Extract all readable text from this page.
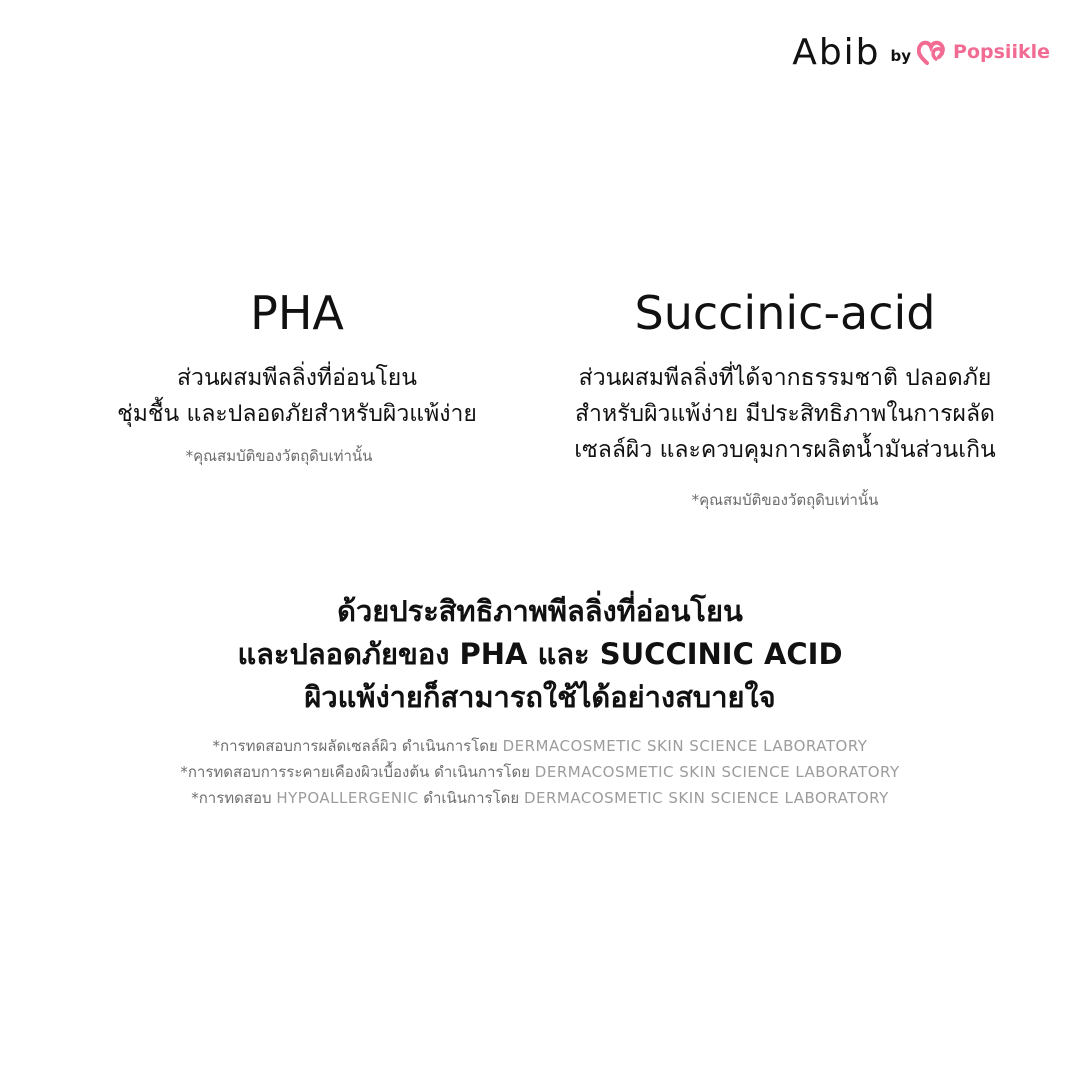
Abib by Popsiikle
PHA
ส่วนผสมพีลลิ่งที่อ่อนโยน
ชุ่มชื้น และปลอดภัยสำหรับผิวแพ้ง่าย
*คุณสมบัติของวัตถุดิบเท่านั้น
Succinic-acid
ส่วนผสมพีลลิ่งที่ได้จากธรรมชาติ ปลอดภัย
สำหรับผิวแพ้ง่าย มีประสิทธิภาพในการผลัด
เซลล์ผิว และควบคุมการผลิตน้ำมันส่วนเกิน
*คุณสมบัติของวัตถุดิบเท่านั้น
ด้วยประสิทธิภาพพีลลิ่งที่อ่อนโยน
และปลอดภัยของ PHA และ SUCCINIC ACID
ผิวแพ้ง่ายก็สามารถใช้ได้อย่างสบายใจ
*การทดสอบการผลัดเซลล์ผิว ดำเนินการโดย DERMACOSMETIC SKIN SCIENCE LABORATORY
*การทดสอบการระคายเคืองผิวเบื้องต้น ดำเนินการโดย DERMACOSMETIC SKIN SCIENCE LABORATORY
*การทดสอบ HYPOALLERGENIC ดำเนินการโดย DERMACOSMETIC SKIN SCIENCE LABORATORY
